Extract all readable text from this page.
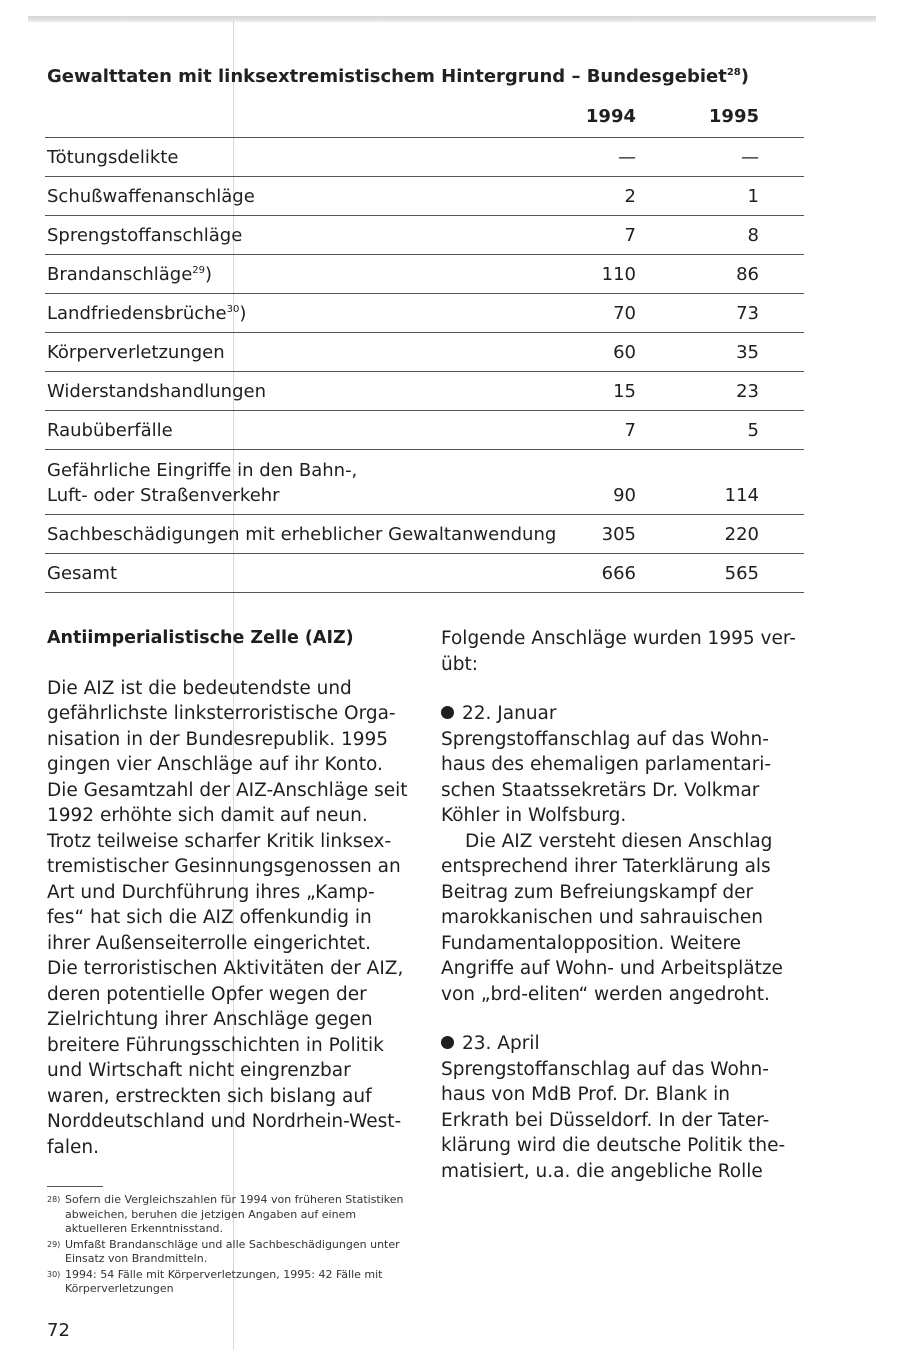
Gewalttaten mit linksextremistischem Hintergrund – Bundesgebiet$^{28}$)
1994	1995
Tötungsdelikte	—	—
Schußwaffenanschläge	2	1
Sprengstoffanschläge	7	8
Brandanschläge$^{29}$)	110	86
Landfriedensbrüche$^{30}$)	70	73
Körperverletzungen	60	35
Widerstandshandlungen	15	23
Raubüberfälle	7	5
Gefährliche Eingriffe in den Bahn-,
Luft- oder Straßenverkehr	90	114
Sachbeschädigungen mit erheblicher Gewaltanwendung	305	220
Gesamt	666	565
Antiimperialistische Zelle (AIZ)
Die AIZ ist die bedeutendste und
gefährlichste linksterroristische Orga-
nisation in der Bundesrepublik. 1995
gingen vier Anschläge auf ihr Konto.
Die Gesamtzahl der AIZ-Anschläge seit
1992 erhöhte sich damit auf neun.
Trotz teilweise scharfer Kritik linksex-
tremistischer Gesinnungsgenossen an
Art und Durchführung ihres „Kamp-
fes“ hat sich die AIZ offenkundig in
ihrer Außenseiterrolle eingerichtet.
Die terroristischen Aktivitäten der AIZ,
deren potentielle Opfer wegen der
Zielrichtung ihrer Anschläge gegen
breitere Führungsschichten in Politik
und Wirtschaft nicht eingrenzbar
waren, erstreckten sich bislang auf
Norddeutschland und Nordrhein-West-
falen.
Folgende Anschläge wurden 1995 ver-
übt:
22. Januar
Sprengstoffanschlag auf das Wohn-
haus des ehemaligen parlamentari-
schen Staatssekretärs Dr. Volkmar
Köhler in Wolfsburg.
Die AIZ versteht diesen Anschlag
entsprechend ihrer Taterklärung als
Beitrag zum Befreiungskampf der
marokkanischen und sahrauischen
Fundamentalopposition. Weitere
Angriffe auf Wohn- und Arbeitsplätze
von „brd-eliten“ werden angedroht.
23. April
Sprengstoffanschlag auf das Wohn-
haus von MdB Prof. Dr. Blank in
Erkrath bei Düsseldorf. In der Tater-
klärung wird die deutsche Politik the-
matisiert, u.a. die angebliche Rolle
28) Sofern die Vergleichszahlen für 1994 von früheren Statistiken abweichen, beruhen die jetzigen Angaben auf einem aktuelleren Erkenntnisstand.
29) Umfaßt Brandanschläge und alle Sachbeschädigungen unter Einsatz von Brandmitteln.
30) 1994: 54 Fälle mit Körperverletzungen, 1995: 42 Fälle mit Körperverletzungen
72
